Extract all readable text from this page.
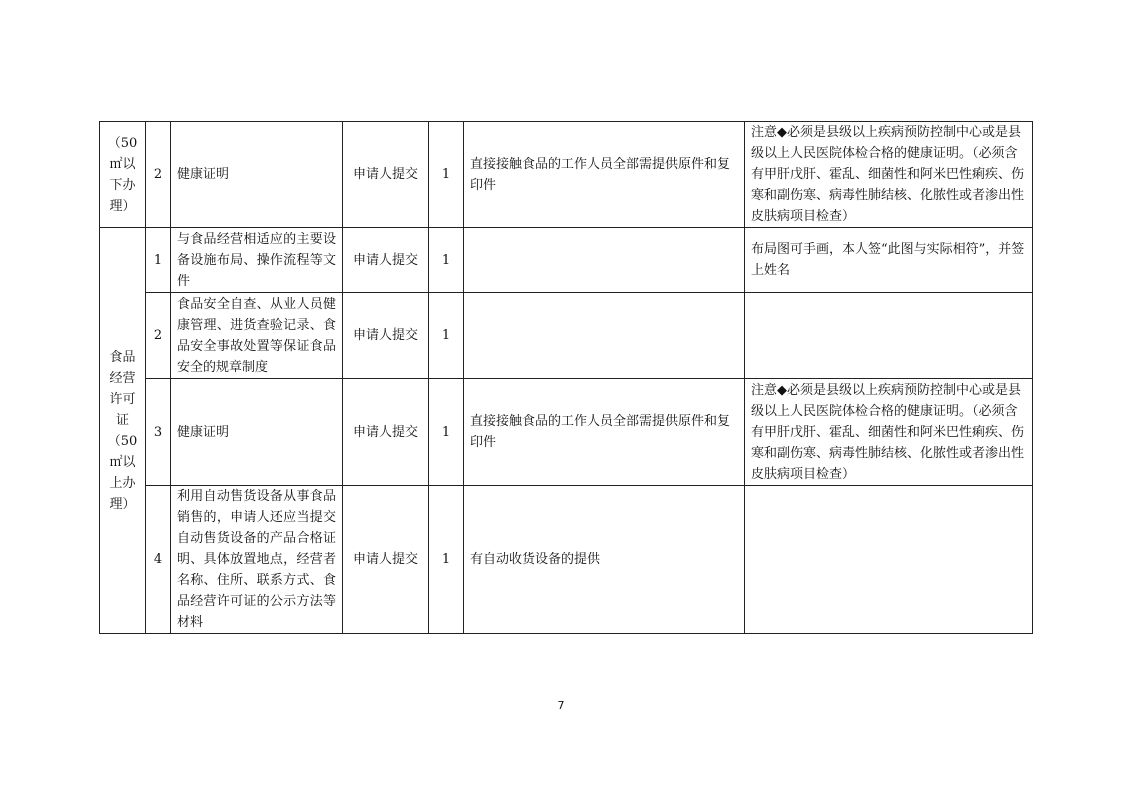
（50 ㎡以下办理）	2	健康证明	申请人提交	1	直接接触食品的工作人员全部需提供原件和复印件	注意◆必须是县级以上疾病预防控制中心或是县级以上人民医院体检合格的健康证明。（必须含有甲肝戊肝、霍乱、细菌性和阿米巴性痢疾、伤寒和副伤寒、病毒性肺结核、化脓性或者渗出性皮肤病项目检查）
食品经营许可证（50 ㎡以上办理）	1	与食品经营相适应的主要设备设施布局、操作流程等文件	申请人提交	1		布局图可手画，本人签“此图与实际相符”，并签上姓名
	2	食品安全自查、从业人员健康管理、进货查验记录、食品安全事故处置等保证食品安全的规章制度	申请人提交	1		
	3	健康证明	申请人提交	1	直接接触食品的工作人员全部需提供原件和复印件	注意◆必须是县级以上疾病预防控制中心或是县级以上人民医院体检合格的健康证明。（必须含有甲肝戊肝、霍乱、细菌性和阿米巴性痢疾、伤寒和副伤寒、病毒性肺结核、化脓性或者渗出性皮肤病项目检查）
	4	利用自动售货设备从事食品销售的，申请人还应当提交自动售货设备的产品合格证明、具体放置地点，经营者名称、住所、联系方式、食品经营许可证的公示方法等材料	申请人提交	1	有自动收货设备的提供	
7
